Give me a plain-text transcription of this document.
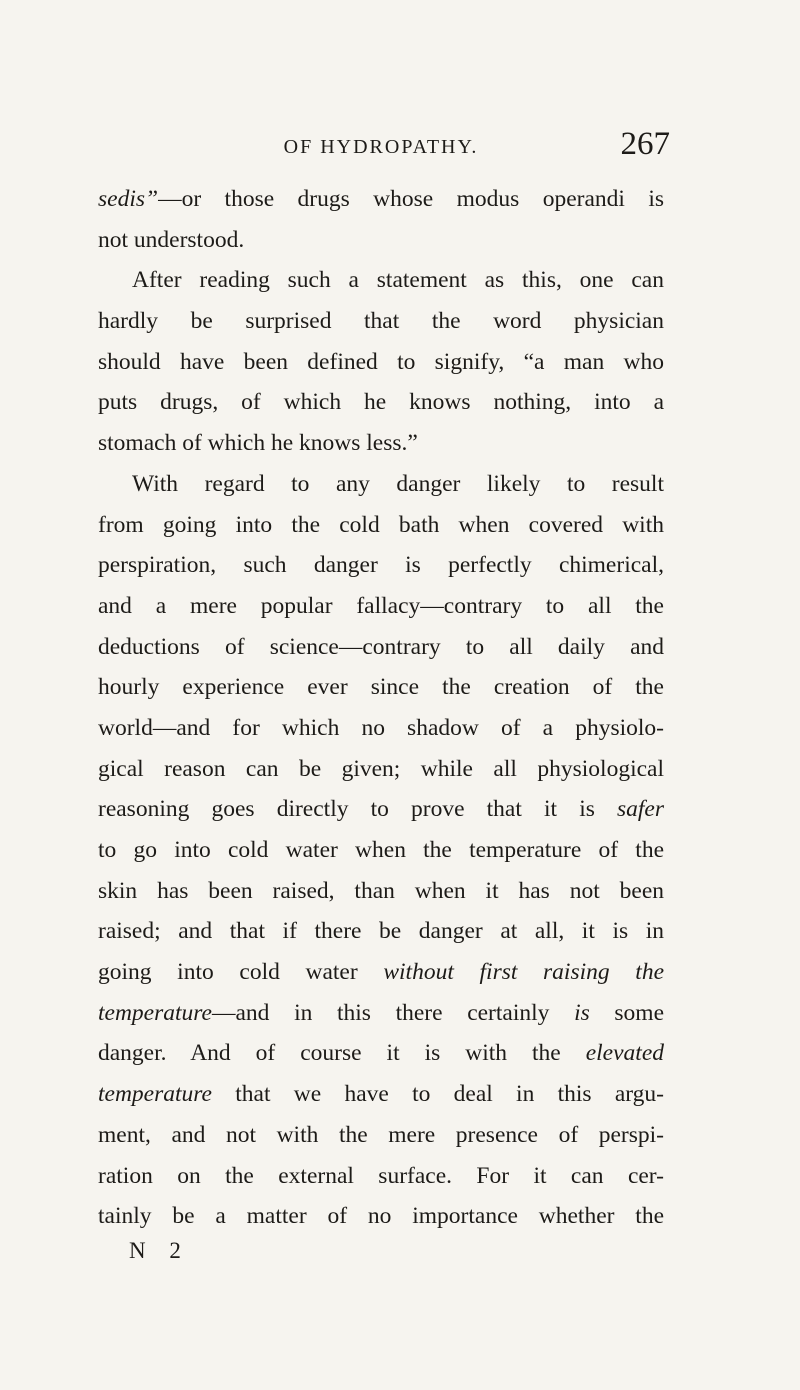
OF HYDROPATHY.	267
sedis”—or those drugs whose modus operandi is
not understood.
After reading such a statement as this, one can
hardly be surprised that the word physician
should have been defined to signify, “a man who
puts drugs, of which he knows nothing, into a
stomach of which he knows less.”
With regard to any danger likely to result
from going into the cold bath when covered with
perspiration, such danger is perfectly chimerical,
and a mere popular fallacy—contrary to all the
deductions of science—contrary to all daily and
hourly experience ever since the creation of the
world—and for which no shadow of a physiolo-
gical reason can be given; while all physiological
reasoning goes directly to prove that it is safer
to go into cold water when the temperature of the
skin has been raised, than when it has not been
raised; and that if there be danger at all, it is in
going into cold water without first raising the
temperature—and in this there certainly is some
danger. And of course it is with the elevated
temperature that we have to deal in this argu-
ment, and not with the mere presence of perspi-
ration on the external surface. For it can cer-
tainly be a matter of no importance whether the
N 2
